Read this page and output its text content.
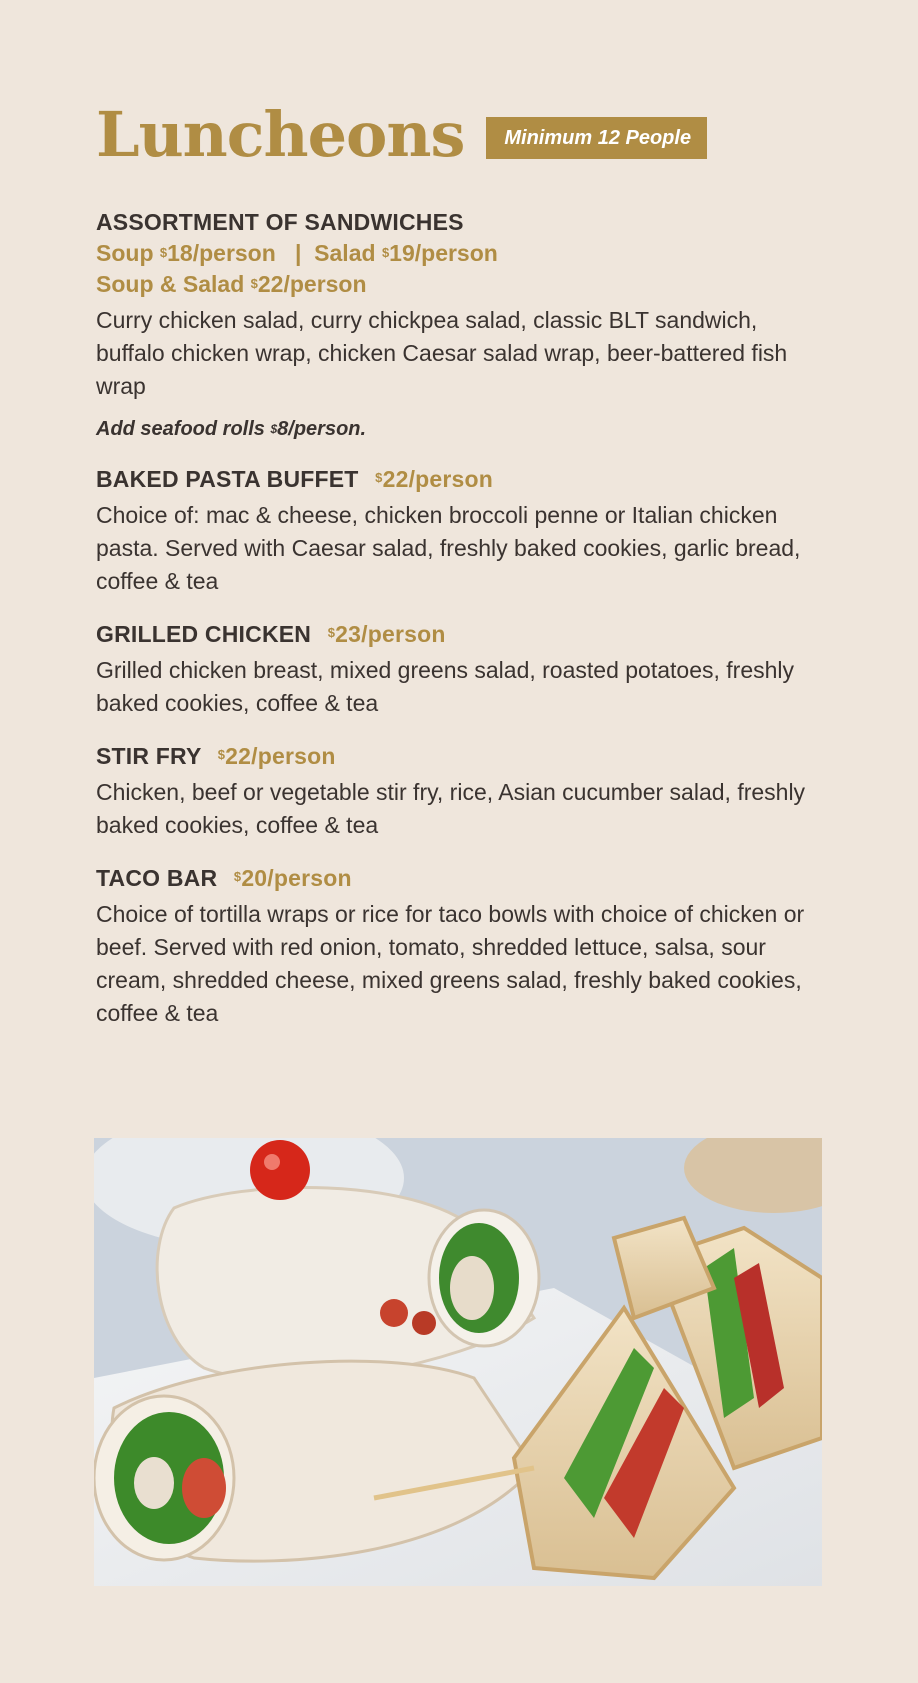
Luncheons	Minimum 12 People
ASSORTMENT OF SANDWICHES
Soup $18/person | Salad $19/person
Soup & Salad $22/person
Curry chicken salad, curry chickpea salad, classic BLT sandwich, buffalo chicken wrap, chicken Caesar salad wrap, beer-battered fish wrap
Add seafood rolls $8/person.
BAKED PASTA BUFFET $22/person
Choice of: mac & cheese, chicken broccoli penne or Italian chicken pasta. Served with Caesar salad, freshly baked cookies, garlic bread, coffee & tea
GRILLED CHICKEN $23/person
Grilled chicken breast, mixed greens salad, roasted potatoes, freshly baked cookies, coffee & tea
STIR FRY $22/person
Chicken, beef or vegetable stir fry, rice, Asian cucumber salad, freshly baked cookies, coffee & tea
TACO BAR $20/person
Choice of tortilla wraps or rice for taco bowls with choice of chicken or beef. Served with red onion, tomato, shredded lettuce, salsa, sour cream, shredded cheese, mixed greens salad, freshly baked cookies, coffee & tea
